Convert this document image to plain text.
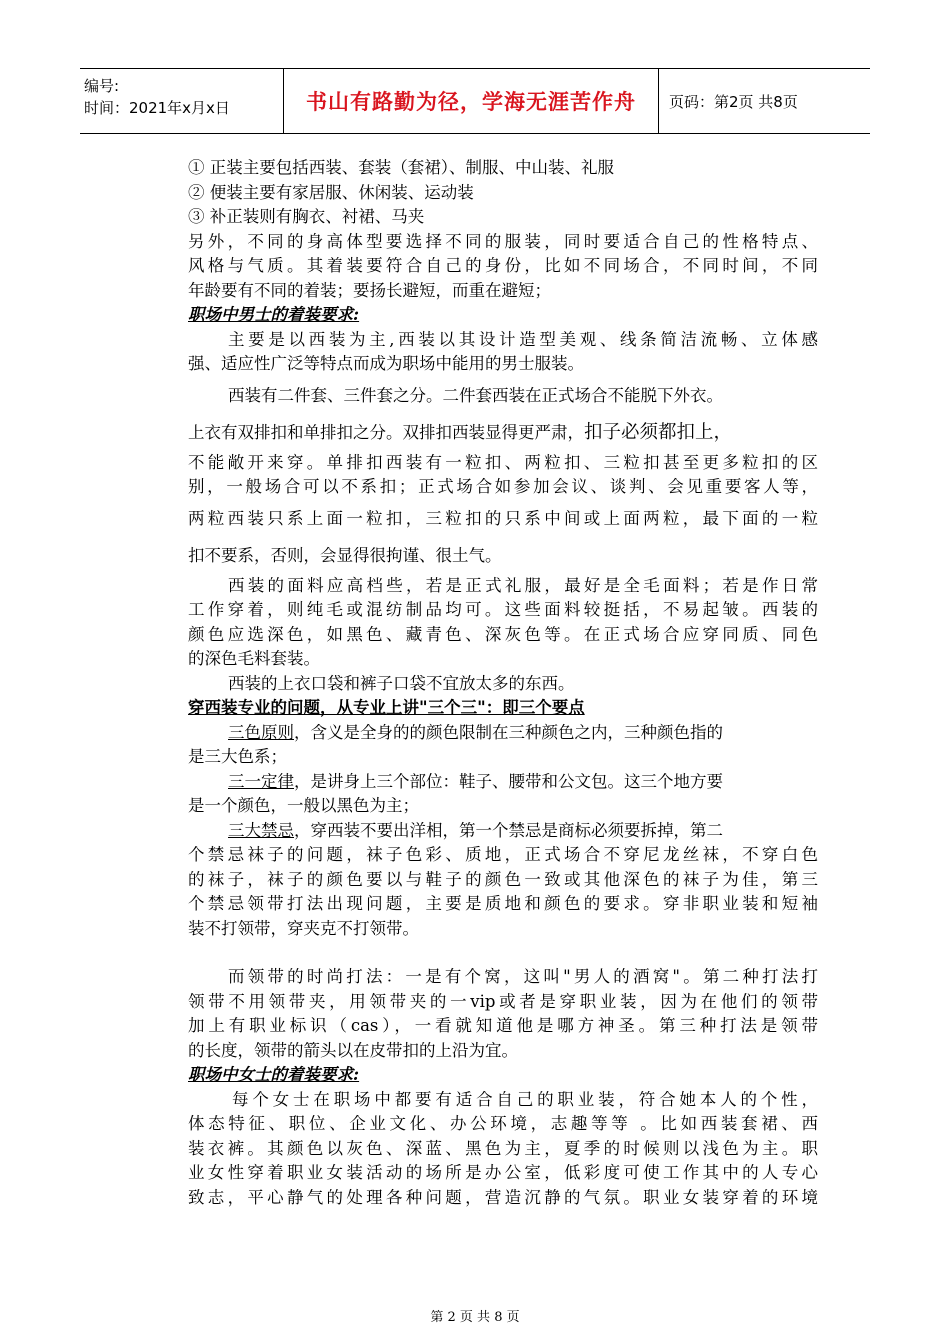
编号:
时间：2021年x月x日	书山有路勤为径，学海无涯苦作舟	页码：第2页 共8页
① 正装主要包括西装、套装（套裙）、制服、中山装、礼服
② 便装主要有家居服、休闲装、运动装
③ 补正装则有胸衣、衬裙、马夹
另外，不同的身高体型要选择不同的服装，同时要适合自己的性格特点、
风格与气质。其着装要符合自己的身份，比如不同场合，不同时间，不同
年龄要有不同的着装；要扬长避短，而重在避短；
职场中男士的着装要求:
主要是以西装为主,西装以其设计造型美观、线条简洁流畅、立体感
强、适应性广泛等特点而成为职场中能用的男士服装。
西装有二件套、三件套之分。二件套西装在正式场合不能脱下外衣。
上衣有双排扣和单排扣之分。双排扣西装显得更严肃，扣子必须都扣上，
不能敞开来穿。单排扣西装有一粒扣、两粒扣、三粒扣甚至更多粒扣的区
别，一般场合可以不系扣；正式场合如参加会议、谈判、会见重要客人等，
两粒西装只系上面一粒扣，三粒扣的只系中间或上面两粒，最下面的一粒
扣不要系，否则，会显得很拘谨、很土气。
西装的面料应高档些，若是正式礼服，最好是全毛面料；若是作日常
工作穿着，则纯毛或混纺制品均可。这些面料较挺括，不易起皱。西装的
颜色应选深色，如黑色、藏青色、深灰色等。在正式场合应穿同质、同色
的深色毛料套装。
西装的上衣口袋和裤子口袋不宜放太多的东西。
穿西装专业的问题，从专业上讲"三个三"：即三个要点
三色原则，含义是全身的的颜色限制在三种颜色之内，三种颜色指的
是三大色系；
三一定律，是讲身上三个部位：鞋子、腰带和公文包。这三个地方要
是一个颜色，一般以黑色为主；
三大禁忌，穿西装不要出洋相，第一个禁忌是商标必须要拆掉，第二
个禁忌袜子的问题，袜子色彩、质地，正式场合不穿尼龙丝袜，不穿白色
的袜子，袜子的颜色要以与鞋子的颜色一致或其他深色的袜子为佳，第三
个禁忌领带打法出现问题，主要是质地和颜色的要求。穿非职业装和短袖
装不打领带，穿夹克不打领带。
而领带的时尚打法：一是有个窝，这叫"男人的酒窝"。第二种打法打
领带不用领带夹，用领带夹的一vip或者是穿职业装，因为在他们的领带
加上有职业标识（cas），一看就知道他是哪方神圣。第三种打法是领带
的长度，领带的箭头以在皮带扣的上沿为宜。
职场中女士的着装要求:
每个女士在职场中都要有适合自己的职业装，符合她本人的个性，
体态特征、职位、企业文化、办公环境，志趣等等 。比如西装套裙、西
装衣裤。其颜色以灰色、深蓝、黑色为主，夏季的时候则以浅色为主。职
业女性穿着职业女装活动的场所是办公室，低彩度可使工作其中的人专心
致志，平心静气的处理各种问题，营造沉静的气氛。职业女装穿着的环境
第 2 页 共 8 页
